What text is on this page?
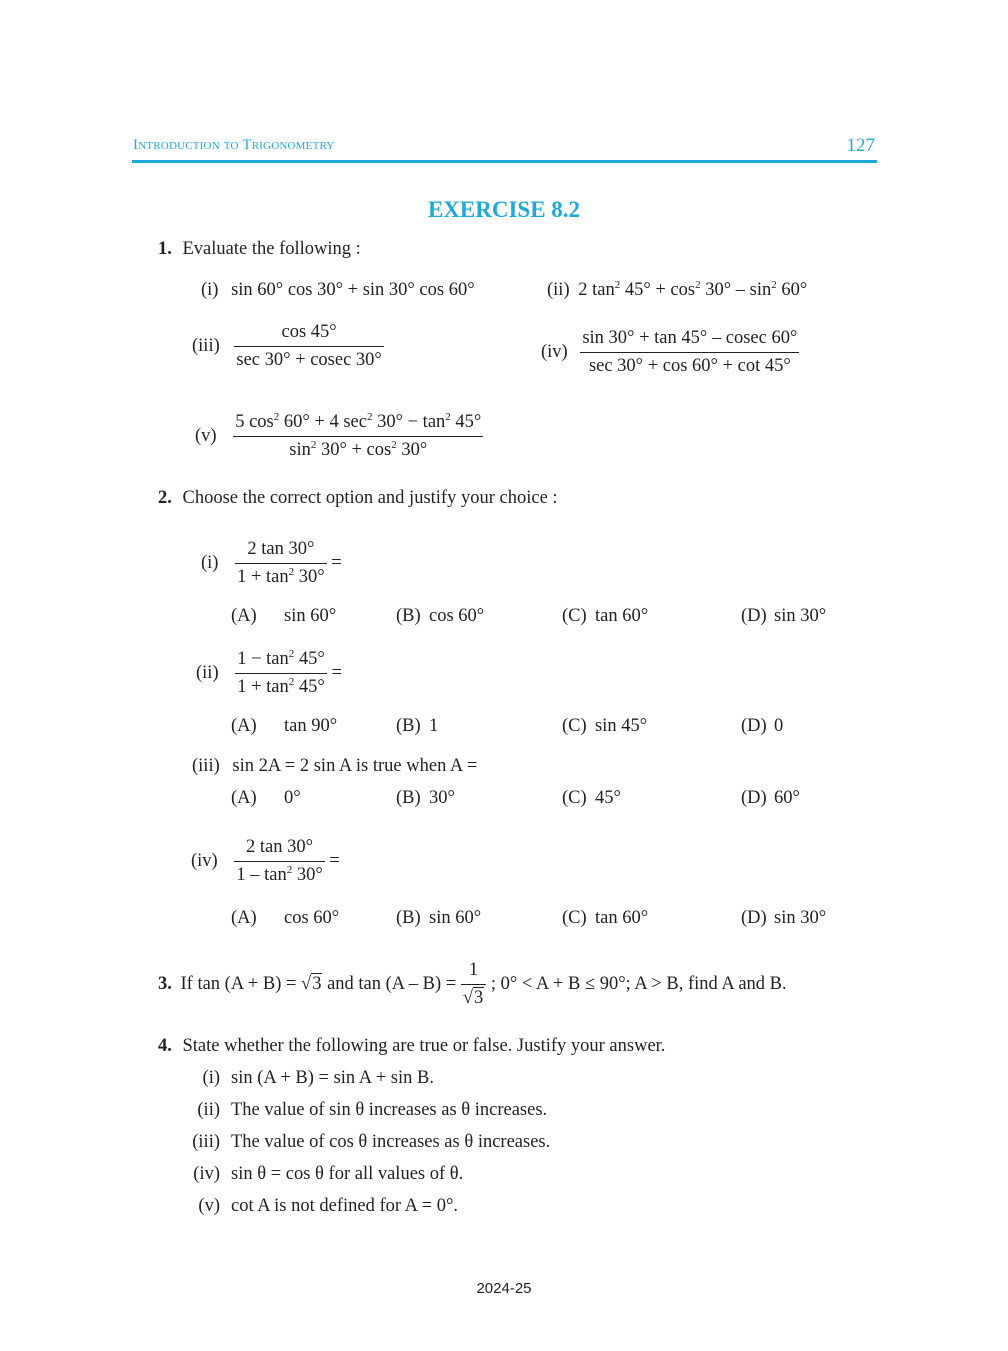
Introduction to Trigonometry	127
EXERCISE 8.2
1. Evaluate the following :
(i) sin 60° cos 30° + sin 30° cos 60°	(ii) 2 $\tan^2 45^\circ + \cos^2 30^\circ - \sin^2 60^\circ$
$(iii) \frac{\cos 45^\circ}{\sec 30^\circ + cosec 30^\circ}$	$(iv) \frac{\sin 30^\circ + \tan 45^\circ - cosec 60^\circ}{\sec 30^\circ + \cos 60^\circ + \cot 45^\circ}$
$(v) \frac{5 \cos^2 60^\circ + 4 \sec^2 30^\circ - \tan^2 45^\circ}{\sin^2 30^\circ + \cos^2 30^\circ}$
2. Choose the correct option and justify your choice :
$(i) \frac{2 \tan 30^\circ}{1 + \tan^2 30^\circ}$ =
(A) sin 60°	(B) cos 60°	(C) tan 60°	(D) sin 30°
$(ii) \frac{1 - \tan^2 45^\circ}{1 + \tan^2 45^\circ}$ =
(A) tan 90°	(B) 1	(C) sin 45°	(D) 0
(iii) sin 2A = 2 sin A is true when A =
(A) 0°	(B) 30°	(C) 45°	(D) 60°
$(iv) \frac{2 \tan 30^\circ}{1 - \tan^2 30^\circ}$ =
(A) cos 60°	(B) sin 60°	(C) tan 60°	(D) sin 30°
3. If tan (A + B) = √3 and $\tan (A - B) = \frac{1}{√3}$ ; 0° < A + B ≤ 90°; A > B, find A and B.
4. State whether the following are true or false. Justify your answer.
(i) sin (A + B) = sin A + sin B.
(ii) The value of sin θ increases as θ increases.
(iii) The value of cos θ increases as θ increases.
(iv) sin θ = cos θ for all values of θ.
(v) cot A is not defined for A = 0°.
2024-25
